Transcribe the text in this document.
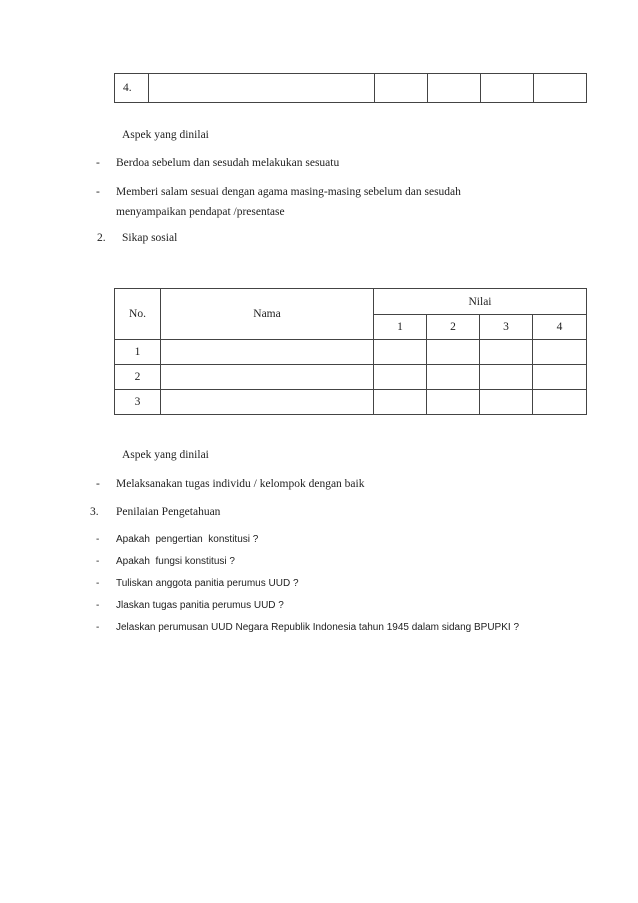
4.					
Aspek yang dinilai
- Berdoa sebelum dan sesudah melakukan sesuatu
- Memberi salam sesuai dengan agama masing-masing sebelum dan sesudah
menyampaikan pendapat /presentase
2. Sikap sosial
No.	Nama	Nilai			
		1	2	3	4
1					
2					
3					
Aspek yang dinilai
- Melaksanakan tugas individu / kelompok dengan baik
3. Penilaian Pengetahuan
- Apakah  pengertian  konstitusi ?
- Apakah  fungsi konstitusi ?
- Tuliskan anggota panitia perumus UUD ?
- Jlaskan tugas panitia perumus UUD ?
- Jelaskan perumusan UUD Negara Republik Indonesia tahun 1945 dalam sidang BPUPKI ?
